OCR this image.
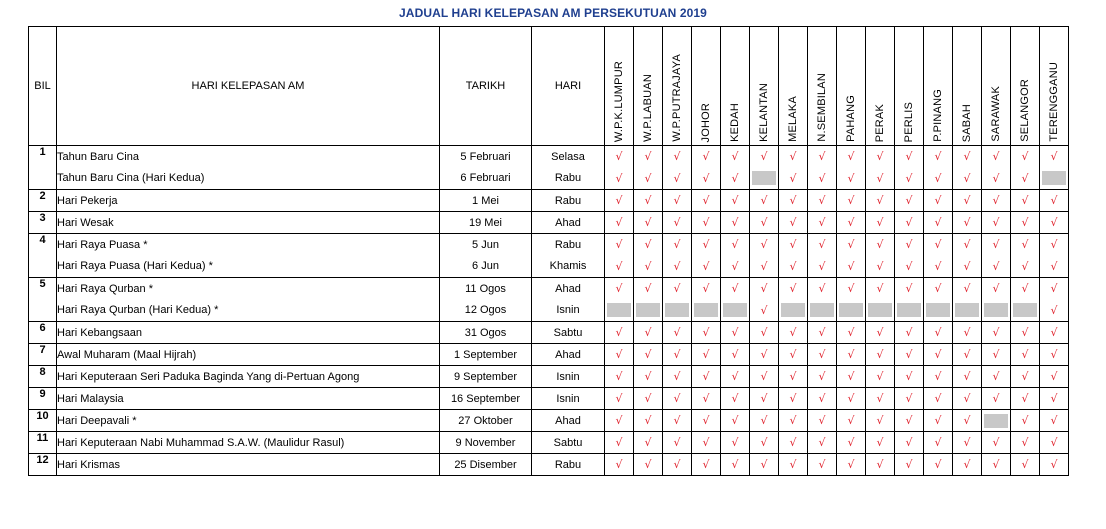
JADUAL HARI KELEPASAN AM PERSEKUTUAN 2019
BIL	HARI KELEPASAN AM	TARIKH	HARI	W.P.K.LUMPUR	W.P.LABUAN	W.P.PUTRAJAYA	JOHOR	KEDAH	KELANTAN	MELAKA	N.SEMBILAN	PAHANG	PERAK	PERLIS	P.PINANG	SABAH	SARAWAK	SELANGOR	TERENGGANU
1	Tahun Baru Cina	5 Februari	Selasa	√	√	√	√	√	√	√	√	√	√	√	√	√	√	√	√
	Tahun Baru Cina (Hari Kedua)	6 Februari	Rabu	√	√	√	√	√		√	√	√	√	√	√	√	√	√	

2	Hari Pekerja	1 Mei	Rabu	√	√	√	√	√	√	√	√	√	√	√	√	√	√	√	√
3	Hari Wesak	19 Mei	Ahad	√	√	√	√	√	√	√	√	√	√	√	√	√	√	√	√
4	Hari Raya Puasa *	5 Jun	Rabu	√	√	√	√	√	√	√	√	√	√	√	√	√	√	√	√
	Hari Raya Puasa (Hari Kedua) *	6 Jun	Khamis	√	√	√	√	√	√	√	√	√	√	√	√	√	√	√	√
5	Hari Raya Qurban *	11 Ogos	Ahad	√	√	√	√	√	√	√	√	√	√	√	√	√	√	√	√
	Hari Raya Qurban (Hari Kedua) *	12 Ogos	Isnin						√										√
6	Hari Kebangsaan	31 Ogos	Sabtu	√	√	√	√	√	√	√	√	√	√	√	√	√	√	√	√
7	Awal Muharam (Maal Hijrah)	1 September	Ahad	√	√	√	√	√	√	√	√	√	√	√	√	√	√	√	√
8	Hari Keputeraan Seri Paduka Baginda Yang di-Pertuan Agong	9 September	Isnin	√	√	√	√	√	√	√	√	√	√	√	√	√	√	√	√
9	Hari Malaysia	16 September	Isnin	√	√	√	√	√	√	√	√	√	√	√	√	√	√	√	√
10	Hari Deepavali *	27 Oktober	Ahad	√	√	√	√	√	√	√	√	√	√	√	√	√		√	√
11	Hari Keputeraan Nabi Muhammad S.A.W. (Maulidur Rasul)	9 November	Sabtu	√	√	√	√	√	√	√	√	√	√	√	√	√	√	√	√
12	Hari Krismas	25 Disember	Rabu	√	√	√	√	√	√	√	√	√	√	√	√	√	√	√	√
